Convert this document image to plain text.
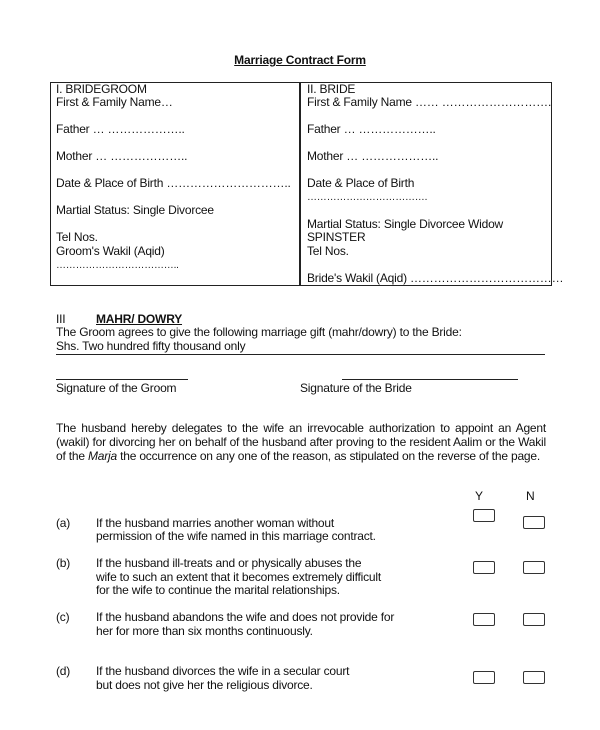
Marriage Contract Form
I. BRIDEGROOM
First & Family Name…
Father … ………………..
Mother … ………………..
Date & Place of Birth …………………………..
Martial Status: Single Divorcee
Tel Nos.
Groom's Wakil (Aqid)
………………………………..
II. BRIDE
First & Family Name …… ……………………….
Father … ………………..
Mother … ………………..
Date & Place of Birth
……………………………….
Martial Status: Single Divorcee Widow
SPINSTER
Tel Nos.
Bride's Wakil (Aqid) …………………………………
III	MAHR/ DOWRY
The Groom agrees to give the following marriage gift (mahr/dowry) to the Bride:
Shs. Two hundred fifty thousand only
Signature of the Groom	Signature of the Bride
The husband hereby delegates to the wife an irrevocable authorization to appoint an Agent (wakil) for divorcing her on behalf of the husband after proving to the resident Aalim or the Wakil of the Marja the occurrence on any one of the reason, as stipulated on the reverse of the page.
Y	N
(a) If the husband marries another woman without
permission of the wife named in this marriage contract.
(b) If the husband ill-treats and or physically abuses the
wife to such an extent that it becomes extremely difficult
for the wife to continue the marital relationships.
(c) If the husband abandons the wife and does not provide for
her for more than six months continuously.
(d) If the husband divorces the wife in a secular court
but does not give her the religious divorce.
